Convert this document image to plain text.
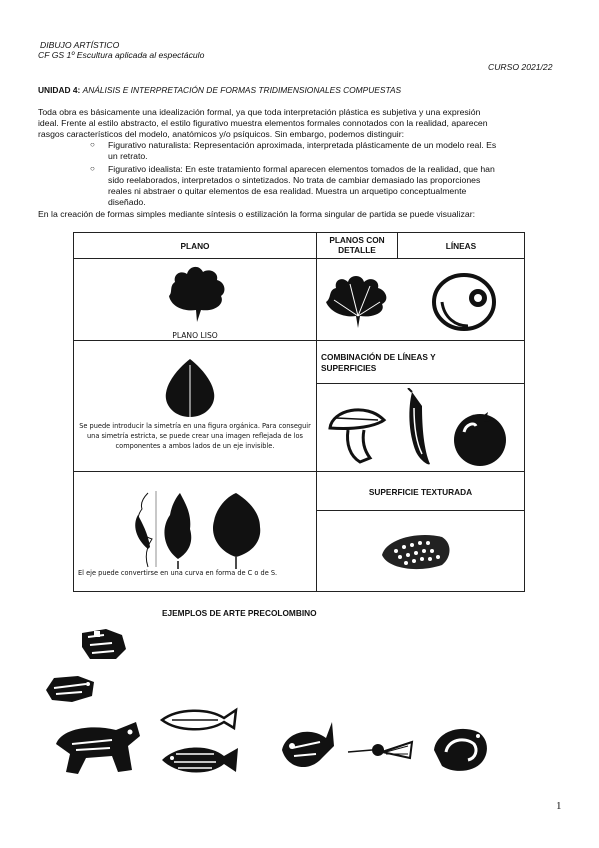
DIBUJO ARTÍSTICO
CF GS 1º Escultura aplicada al espectáculo
CURSO 2021/22
UNIDAD 4: ANÁLISIS E INTERPRETACIÓN DE FORMAS TRIDIMENSIONALES COMPUESTAS
Toda obra es básicamente una idealización formal, ya que toda interpretación plástica es subjetiva y una expresión
ideal. Frente al estilo abstracto, el estilo figurativo muestra elementos formales connotados con la realidad, aparecen
rasgos característicos del modelo, anatómicos y/o psíquicos. Sin embargo, podemos distinguir:
○ Figurativo naturalista: Representación aproximada, interpretada plásticamente de un modelo real. Es
un retrato.
○ Figurativo idealista: En este tratamiento formal aparecen elementos tomados de la realidad, que han
sido reelaborados, interpretados o sintetizados. No trata de cambiar demasiado las proporciones
reales ni abstraer o quitar elementos de esa realidad. Muestra un arquetipo conceptualmente
diseñado.
En la creación de formas simples mediante síntesis o estilización la forma singular de partida se puede visualizar:
PLANO
PLANOS CON
DETALLE	LÍNEAS
PLANO LISO
Se puede introducir la simetría en una figura orgánica. Para conseguir
una simetría estricta, se puede crear una imagen reflejada de los
componentes a ambos lados de un eje invisible.
COMBINACIÓN DE LÍNEAS Y
SUPERFICIES
El eje puede convertirse en una curva en forma de C o de S.
SUPERFICIE TEXTURADA
EJEMPLOS DE ARTE PRECOLOMBINO
1
